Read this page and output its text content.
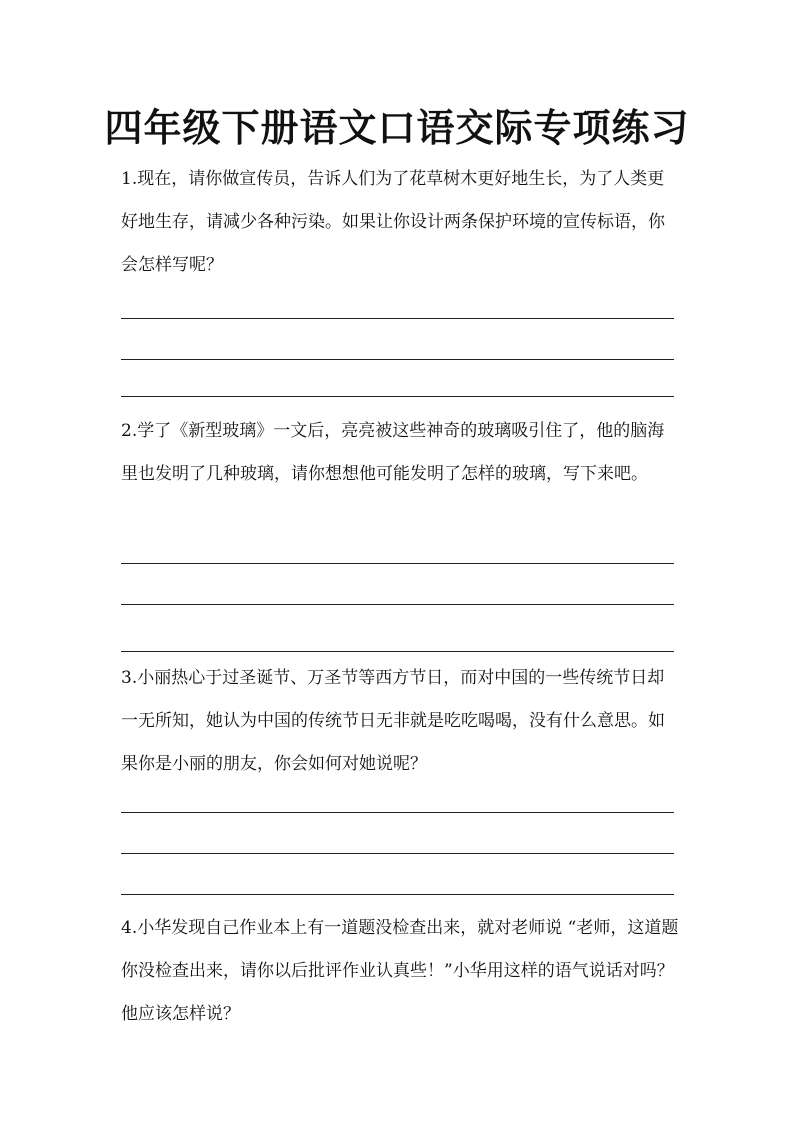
四年级下册语文口语交际专项练习

1.现在，请你做宣传员，告诉人们为了花草树木更好地生长，为了人类更好地生存，请减少各种污染。如果让你设计两条保护环境的宣传标语，你会怎样写呢？

2.学了《新型玻璃》一文后，亮亮被这些神奇的玻璃吸引住了，他的脑海里也发明了几种玻璃，请你想想他可能发明了怎样的玻璃，写下来吧。

3.小丽热心于过圣诞节、万圣节等西方节日，而对中国的一些传统节日却一无所知，她认为中国的传统节日无非就是吃吃喝喝，没有什么意思。如果你是小丽的朋友，你会如何对她说呢？

4.小华发现自己作业本上有一道题没检查出来，就对老师说 “老师，这道题你没检查出来，请你以后批评作业认真些！”小华用这样的语气说话对吗？他应该怎样说？
